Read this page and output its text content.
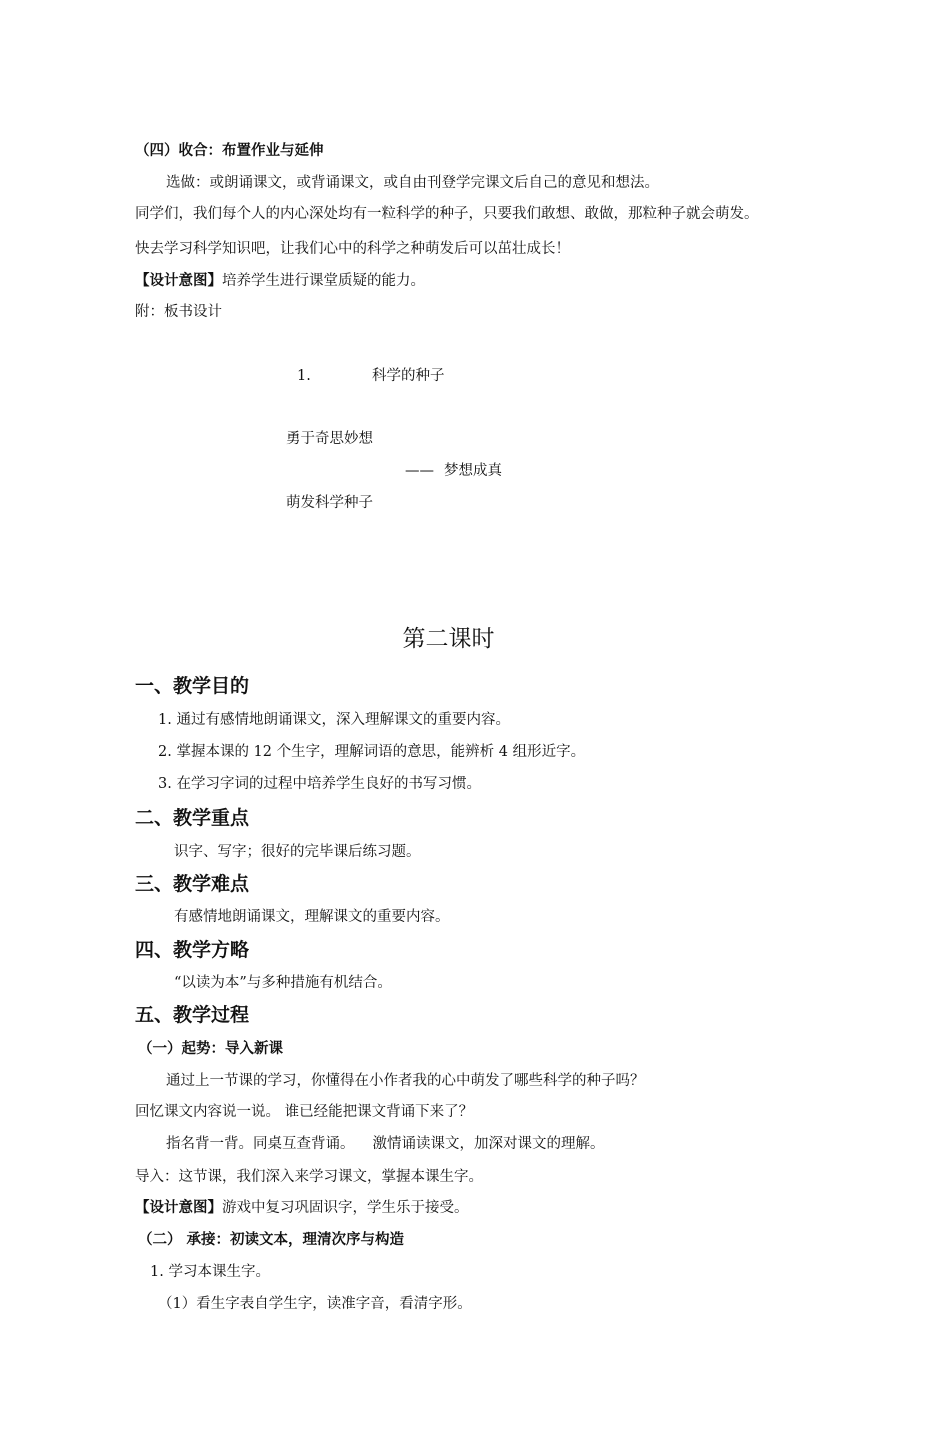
（四）收合：布置作业与延伸
选做：或朗诵课文，或背诵课文，或自由刊登学完课文后自己的意见和想法。
同学们，我们每个人的内心深处均有一粒科学的种子，只要我们敢想、敢做，那粒种子就会萌发。
快去学习科学知识吧，让我们心中的科学之种萌发后可以茁壮成长！
【设计意图】培养学生进行课堂质疑的能力。
附：板书设计
1.	科学的种子
勇于奇思妙想
—— 梦想成真
萌发科学种子
第二课时
一、教学目的
1. 通过有感情地朗诵课文，深入理解课文的重要内容。
2. 掌握本课的 12 个生字，理解词语的意思，能辨析 4 组形近字。
3. 在学习字词的过程中培养学生良好的书写习惯。
二、教学重点
识字、写字；很好的完毕课后练习题。
三、教学难点
有感情地朗诵课文，理解课文的重要内容。
四、教学方略
“以读为本”与多种措施有机结合。
五、教学过程
（一）起势：导入新课
通过上一节课的学习，你懂得在小作者我的心中萌发了哪些科学的种子吗？
回忆课文内容说一说。 谁已经能把课文背诵下来了？
指名背一背。同桌互查背诵。 激情诵读课文，加深对课文的理解。
导入：这节课，我们深入来学习课文，掌握本课生字。
【设计意图】游戏中复习巩固识字，学生乐于接受。
（二） 承接：初读文本，理清次序与构造
1. 学习本课生字。
（1）看生字表自学生字，读准字音，看清字形。
